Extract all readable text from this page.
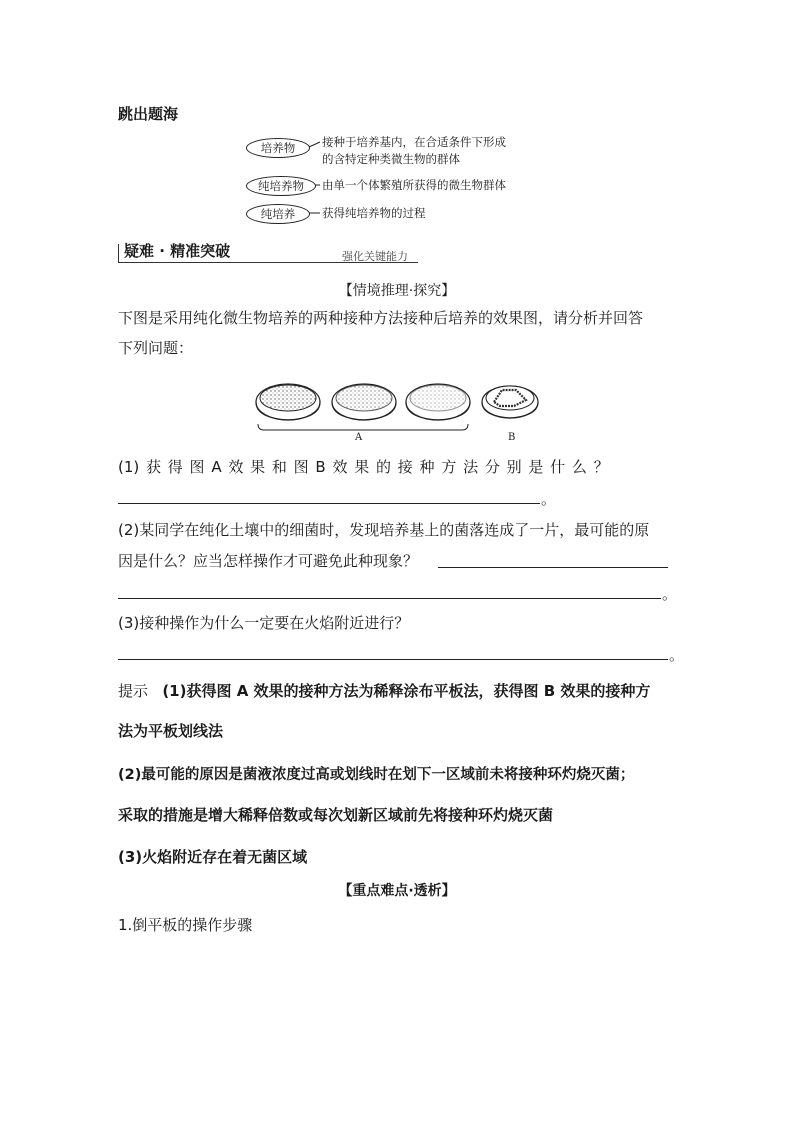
跳出题海
培养物
纯培养物
纯培养
接种于培养基内，在合适条件下形成
的含特定种类微生物的群体
由单一个体繁殖所获得的微生物群体
获得纯培养物的过程
疑难 · 精准突破	强化关键能力
【情境推理·探究】
下图是采用纯化微生物培养的两种接种方法接种后培养的效果图，请分析并回答
下列问题：
A	B
(1) 获 得 图 A 效 果 和 图 B 效 果 的 接 种 方 法 分 别 是 什 么 ？
。
(2)某同学在纯化土壤中的细菌时，发现培养基上的菌落连成了一片，最可能的原
因是什么？应当怎样操作才可避免此种现象？
。
(3)接种操作为什么一定要在火焰附近进行？
。
提示 (1)获得图 A 效果的接种方法为稀释涂布平板法，获得图 B 效果的接种方
法为平板划线法
(2)最可能的原因是菌液浓度过高或划线时在划下一区域前未将接种环灼烧灭菌；
采取的措施是增大稀释倍数或每次划新区域前先将接种环灼烧灭菌
(3)火焰附近存在着无菌区域
【重点难点·透析】
1.倒平板的操作步骤
